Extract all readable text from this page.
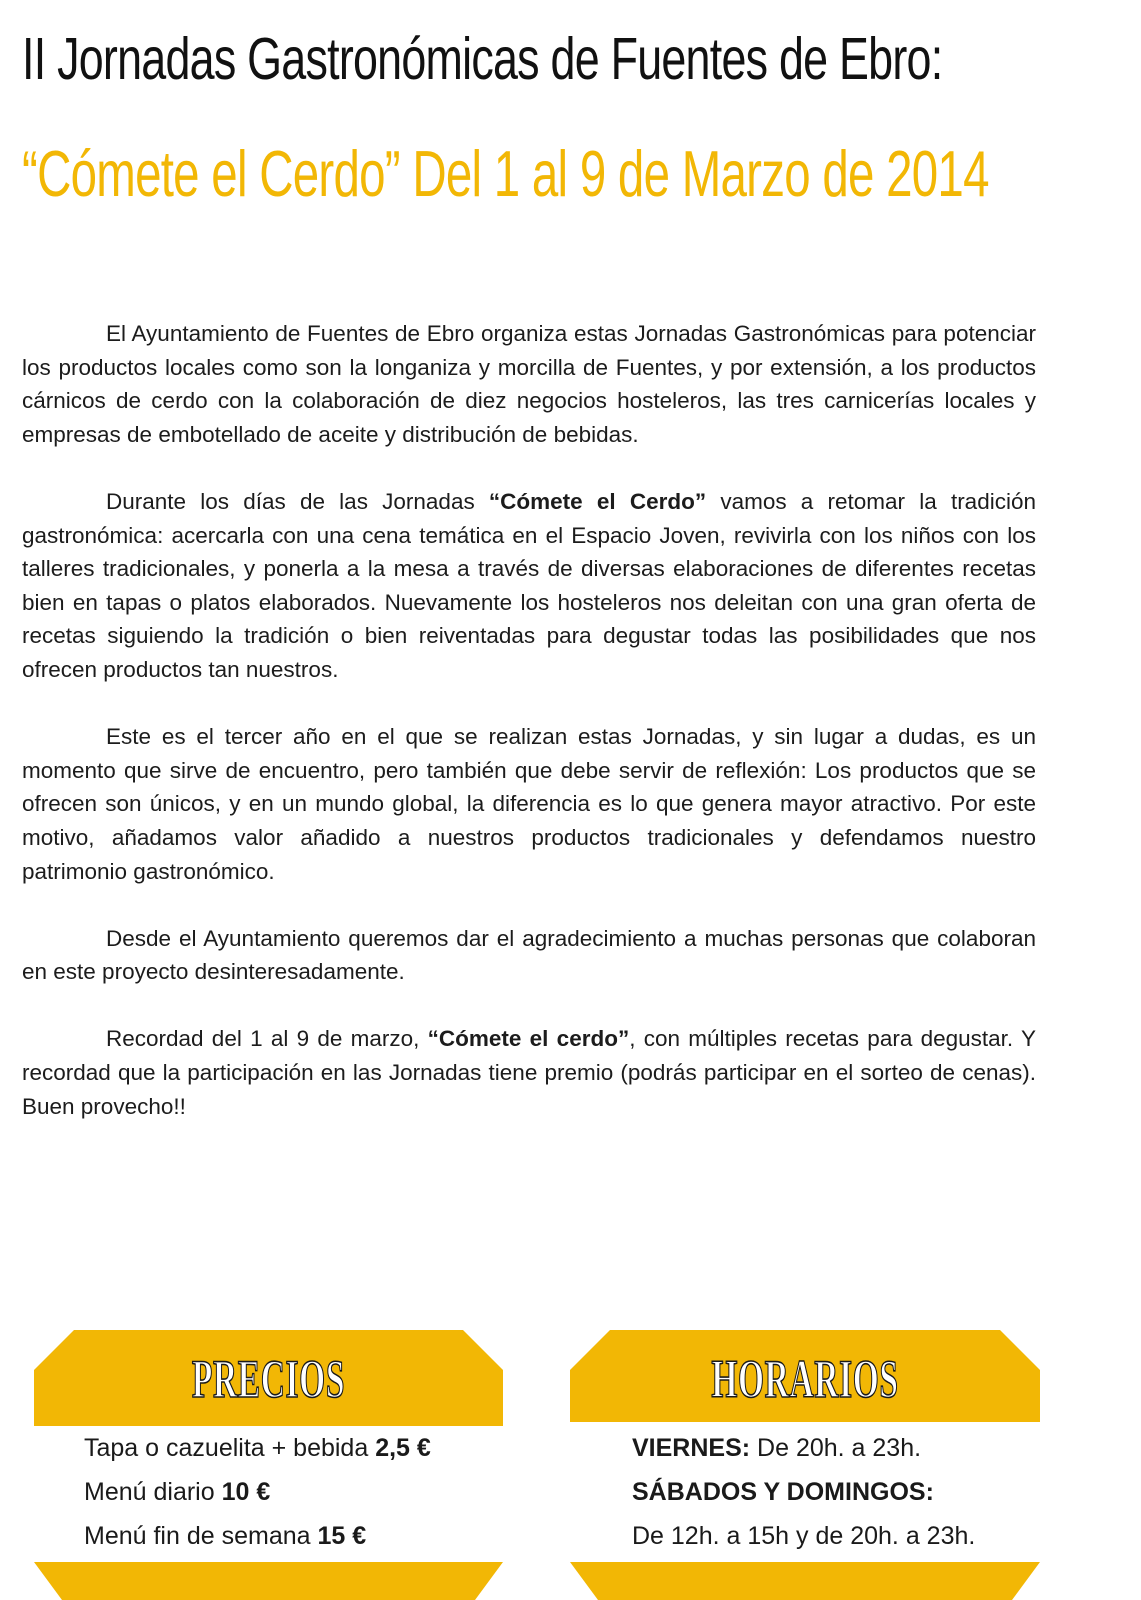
II Jornadas Gastronómicas de Fuentes de Ebro:
“Cómete el Cerdo” Del 1 al 9 de Marzo de 2014

El Ayuntamiento de Fuentes de Ebro organiza estas Jornadas Gastronómicas para potenciar los productos locales como son la longaniza y morcilla de Fuentes, y por extensión, a los productos cárnicos de cerdo con la colaboración de diez negocios hosteleros, las tres carnicerías locales y empresas de embotellado de aceite y distribución de bebidas.

Durante los días de las Jornadas “Cómete el Cerdo” vamos a retomar la tradición gastronómica: acercarla con una cena temática en el Espacio Joven, revivirla con los niños con los talleres tradicionales, y ponerla a la mesa a través de diversas elaboraciones de diferentes recetas bien en tapas o platos elaborados. Nuevamente los hosteleros nos deleitan con una gran oferta de recetas siguiendo la tradición o bien reiventadas para degustar todas las posibilidades que nos ofrecen productos tan nuestros.

Este es el tercer año en el que se realizan estas Jornadas, y sin lugar a dudas, es un momento que sirve de encuentro, pero también que debe servir de reflexión: Los productos que se ofrecen son únicos, y en un mundo global, la diferencia es lo que genera mayor atractivo. Por este motivo, añadamos valor añadido a nuestros productos tradicionales y defendamos nuestro patrimonio gastronómico.

Desde el Ayuntamiento queremos dar el agradecimiento a muchas personas que colaboran en este proyecto desinteresadamente.

Recordad del 1 al 9 de marzo, “Cómete el cerdo”, con múltiples recetas para degustar. Y recordad que la participación en las Jornadas tiene premio (podrás participar en el sorteo de cenas). Buen provecho!!

PRECIOS
Tapa o cazuelita + bebida 2,5 €
Menú diario 10 €
Menú fin de semana 15 €
HORARIOS
VIERNES: De 20h. a 23h.
SÁBADOS Y DOMINGOS:
De 12h. a 15h y de 20h. a 23h.
